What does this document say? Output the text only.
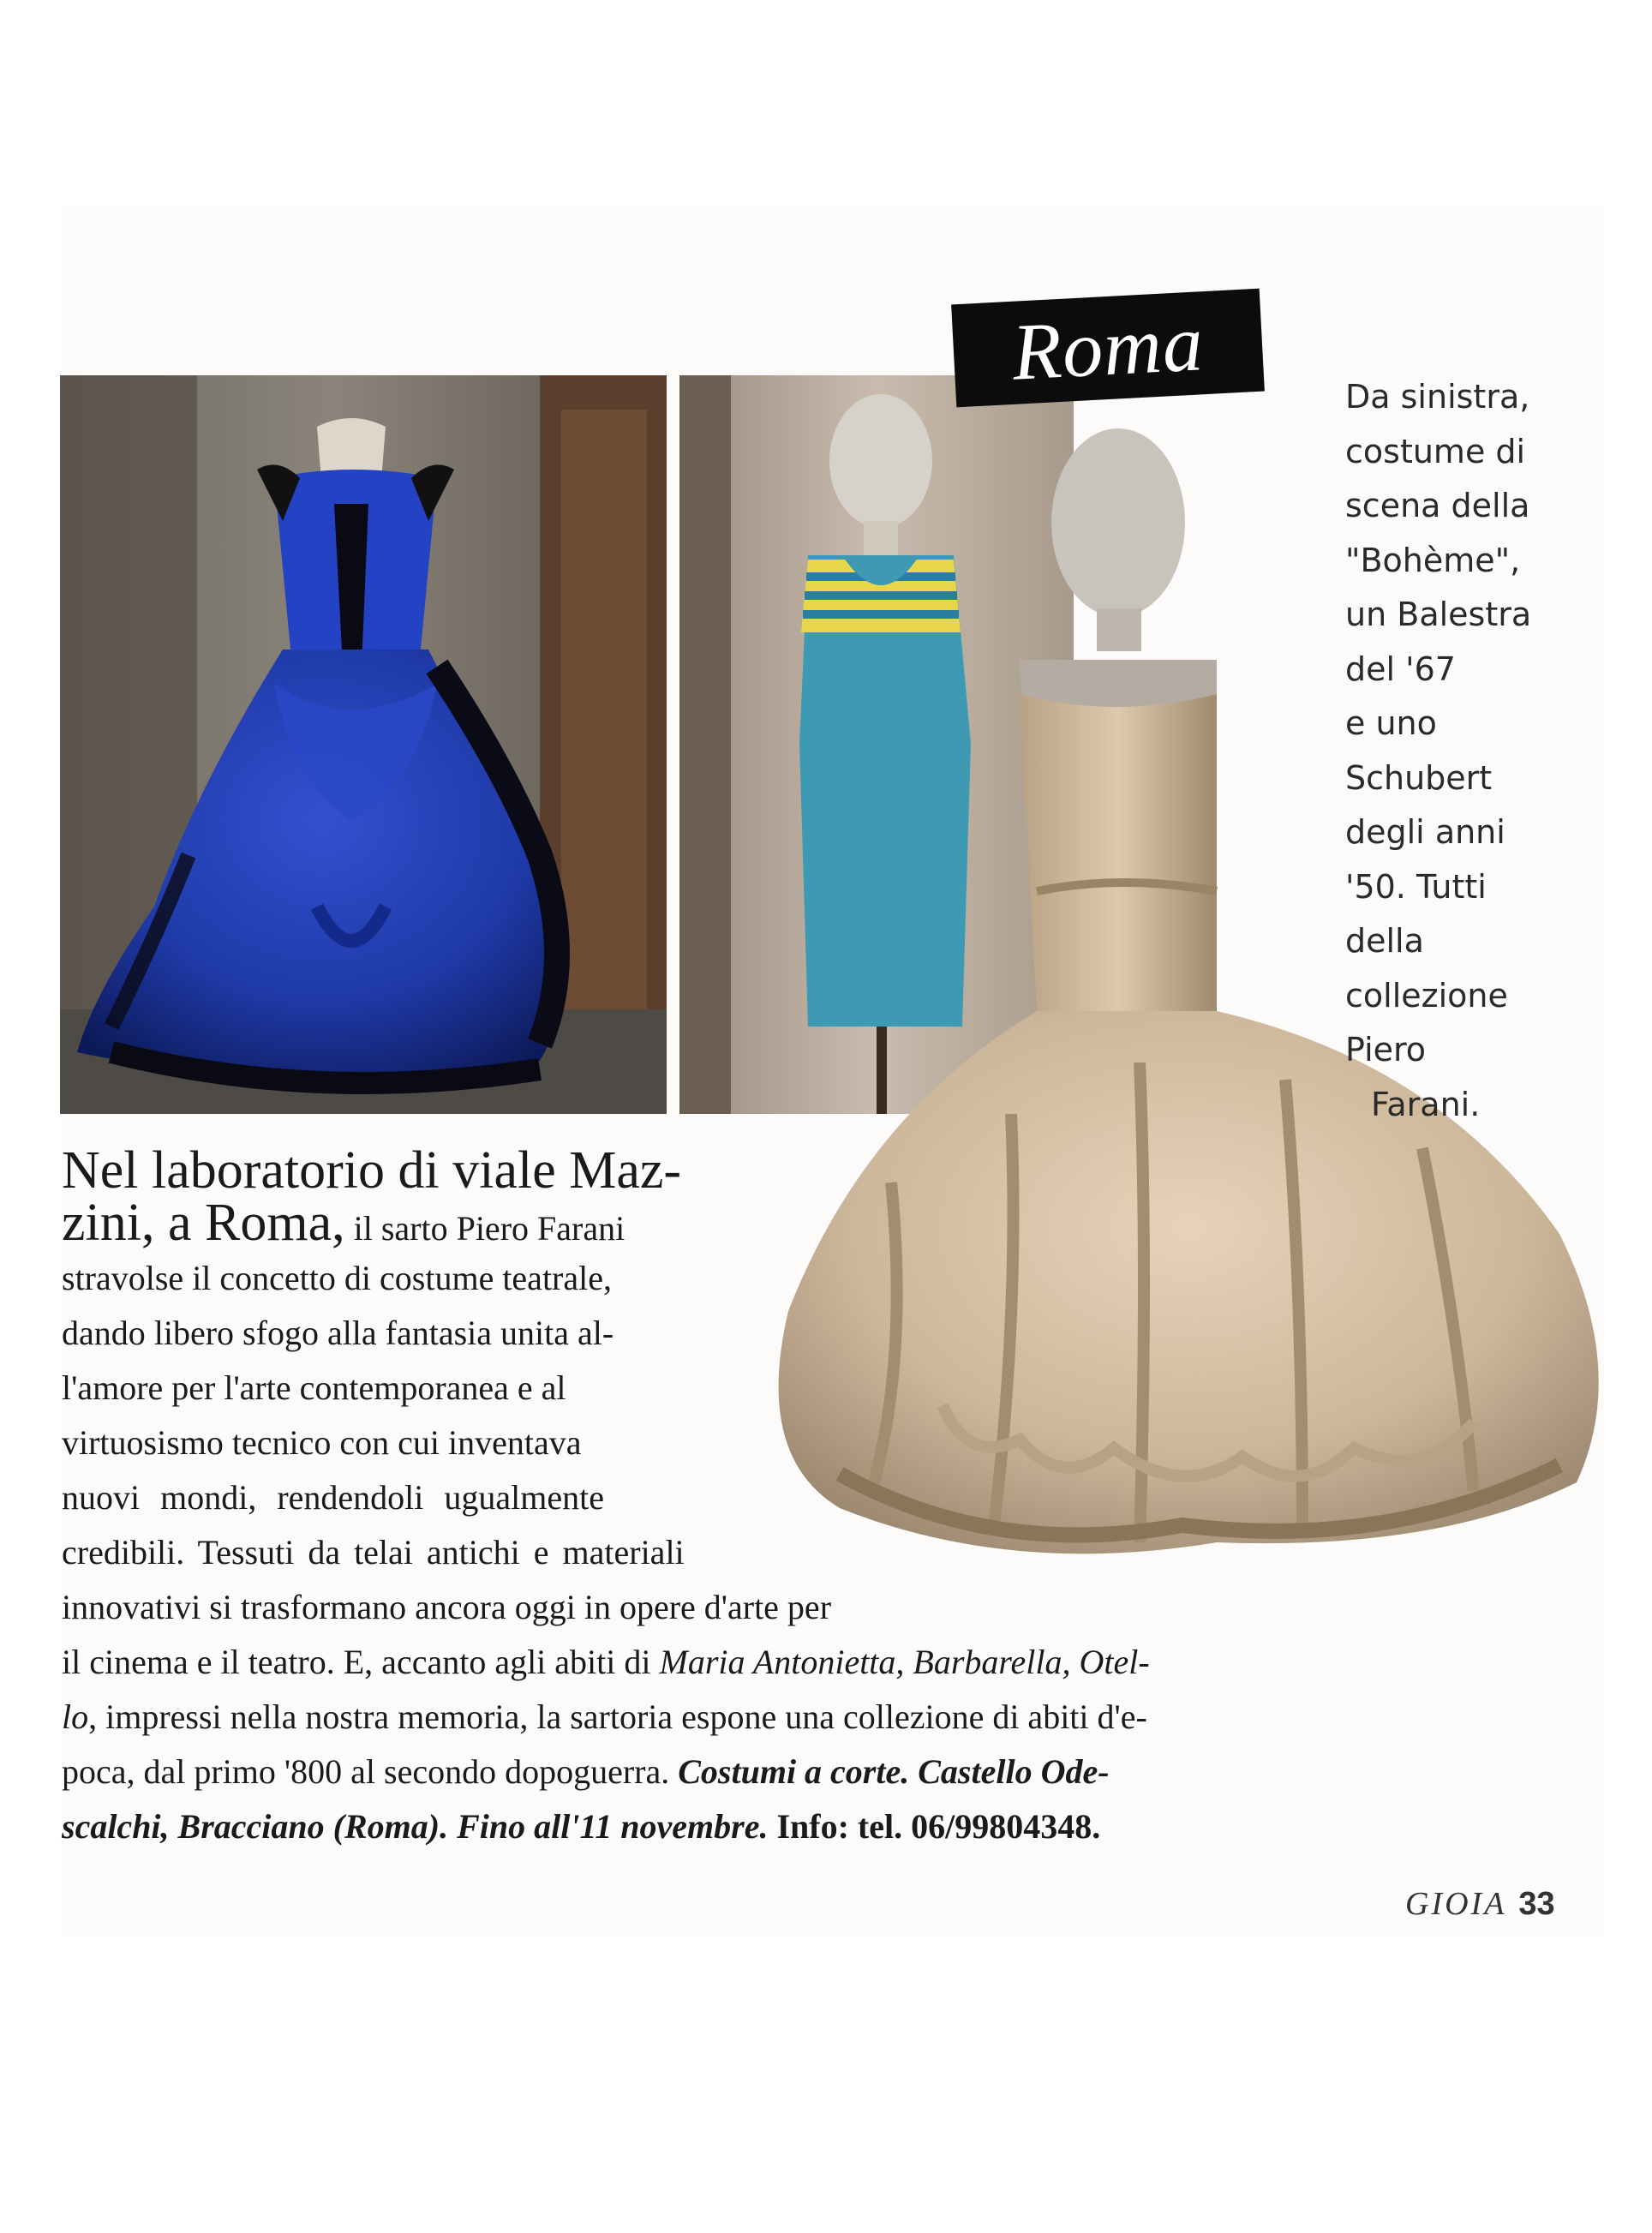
Roma	Da sinistra,
costume di
scena della
"Bohème",
un Balestra
del '67
e uno
Schubert
degli anni
'50. Tutti
della
collezione
Piero
Farani.
Nel laboratorio di viale Maz-
zini, a Roma, il sarto Piero Farani
stravolse il concetto di costume teatrale,
dando libero sfogo alla fantasia unita al-
l'amore per l'arte contemporanea e al
virtuosismo tecnico con cui inventava
nuovi mondi, rendendoli ugualmente
credibili. Tessuti da telai antichi e materiali
innovativi si trasformano ancora oggi in opere d'arte per
il cinema e il teatro. E, accanto agli abiti di Maria Antonietta, Barbarella, Otel-
lo, impressi nella nostra memoria, la sartoria espone una collezione di abiti d'e-
poca, dal primo '800 al secondo dopoguerra. Costumi a corte. Castello Ode-
scalchi, Bracciano (Roma). Fino all'11 novembre. Info: tel. 06/99804348.
GIOIA 33
